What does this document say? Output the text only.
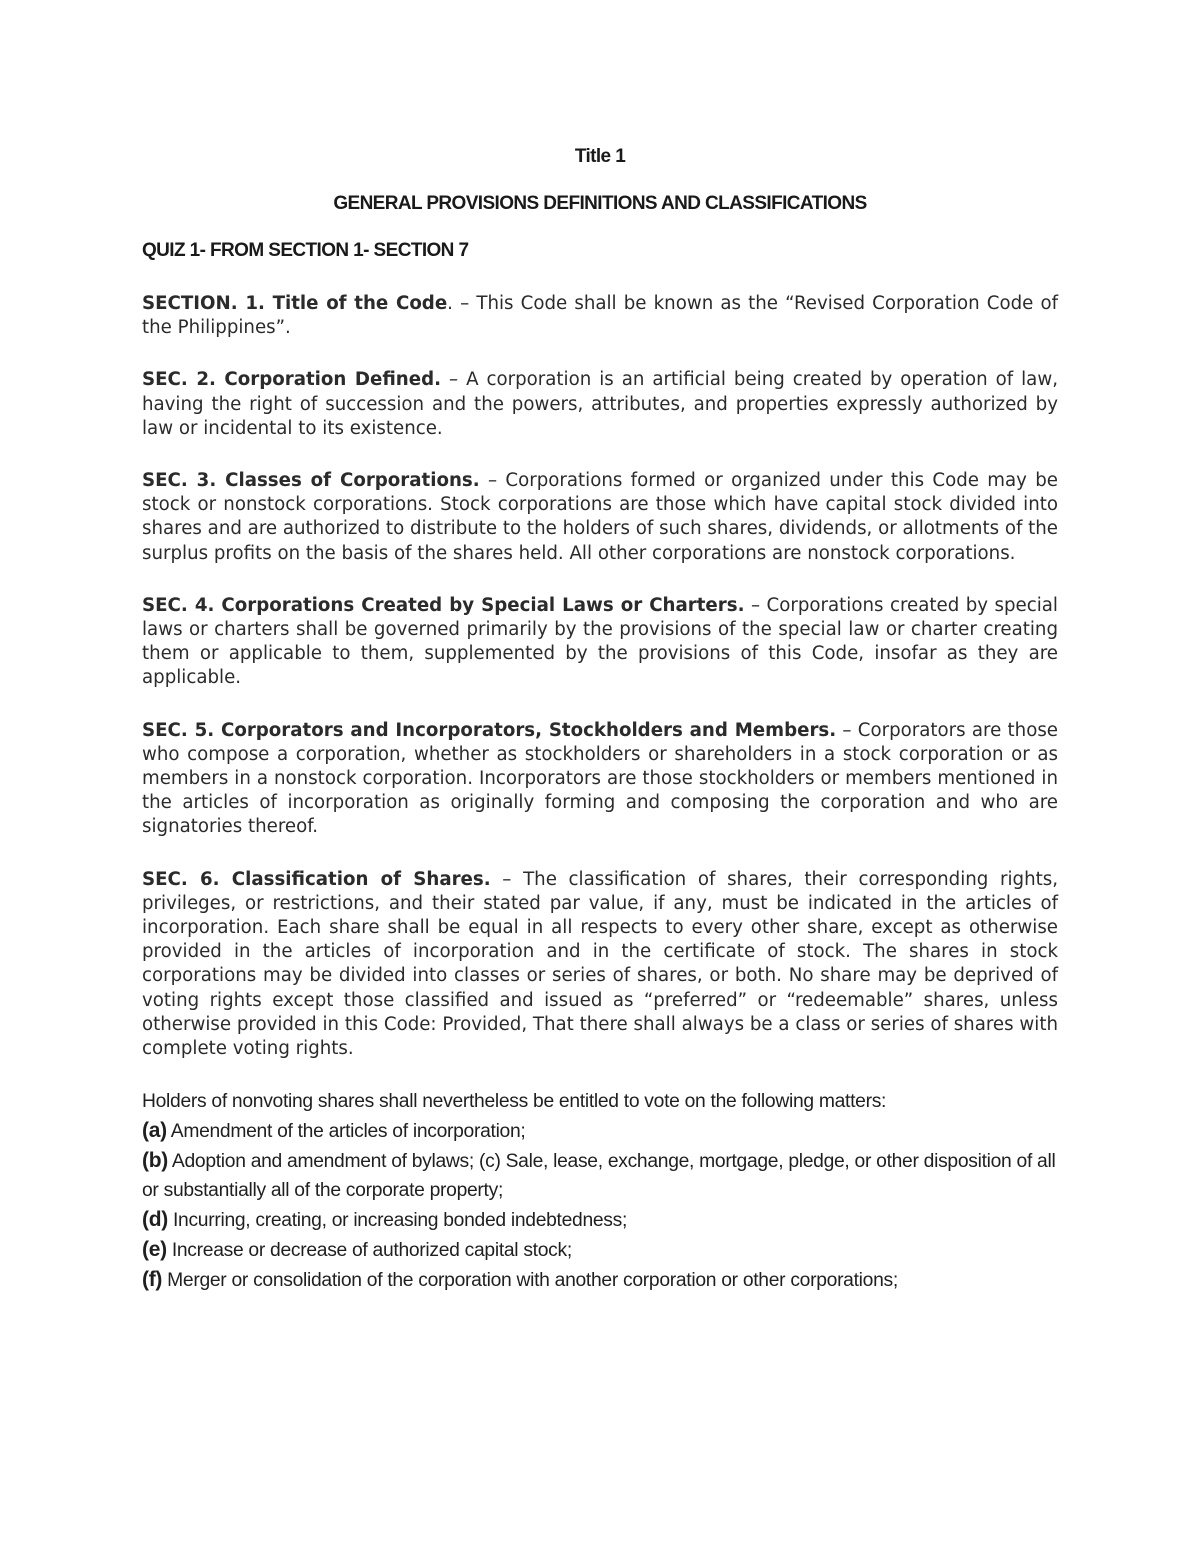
Title 1

GENERAL PROVISIONS DEFINITIONS AND CLASSIFICATIONS

QUIZ 1- FROM SECTION 1- SECTION 7

SECTION. 1. Title of the Code. – This Code shall be known as the “Revised Corporation Code of the Philippines”.

SEC. 2. Corporation Defined. – A corporation is an artificial being created by operation of law, having the right of succession and the powers, attributes, and properties expressly authorized by law or incidental to its existence.

SEC. 3. Classes of Corporations. – Corporations formed or organized under this Code may be stock or nonstock corporations. Stock corporations are those which have capital stock divided into shares and are authorized to distribute to the holders of such shares, dividends, or allotments of the surplus profits on the basis of the shares held. All other corporations are nonstock corporations.

SEC. 4. Corporations Created by Special Laws or Charters. – Corporations created by special laws or charters shall be governed primarily by the provisions of the special law or charter creating them or applicable to them, supplemented by the provisions of this Code, insofar as they are applicable.

SEC. 5. Corporators and Incorporators, Stockholders and Members. – Corporators are those who compose a corporation, whether as stockholders or shareholders in a stock corporation or as members in a nonstock corporation. Incorporators are those stockholders or members mentioned in the articles of incorporation as originally forming and composing the corporation and who are signatories thereof.

SEC. 6. Classification of Shares. – The classification of shares, their corresponding rights, privileges, or restrictions, and their stated par value, if any, must be indicated in the articles of incorporation. Each share shall be equal in all respects to every other share, except as otherwise provided in the articles of incorporation and in the certificate of stock. The shares in stock corporations may be divided into classes or series of shares, or both. No share may be deprived of voting rights except those classified and issued as “preferred” or “redeemable” shares, unless otherwise provided in this Code: Provided, That there shall always be a class or series of shares with complete voting rights.

Holders of nonvoting shares shall nevertheless be entitled to vote on the following matters:

(a) Amendment of the articles of incorporation;

(b) Adoption and amendment of bylaws; (c) Sale, lease, exchange, mortgage, pledge, or other disposition of all or substantially all of the corporate property;

(d) Incurring, creating, or increasing bonded indebtedness;

(e) Increase or decrease of authorized capital stock;

(f) Merger or consolidation of the corporation with another corporation or other corporations;
